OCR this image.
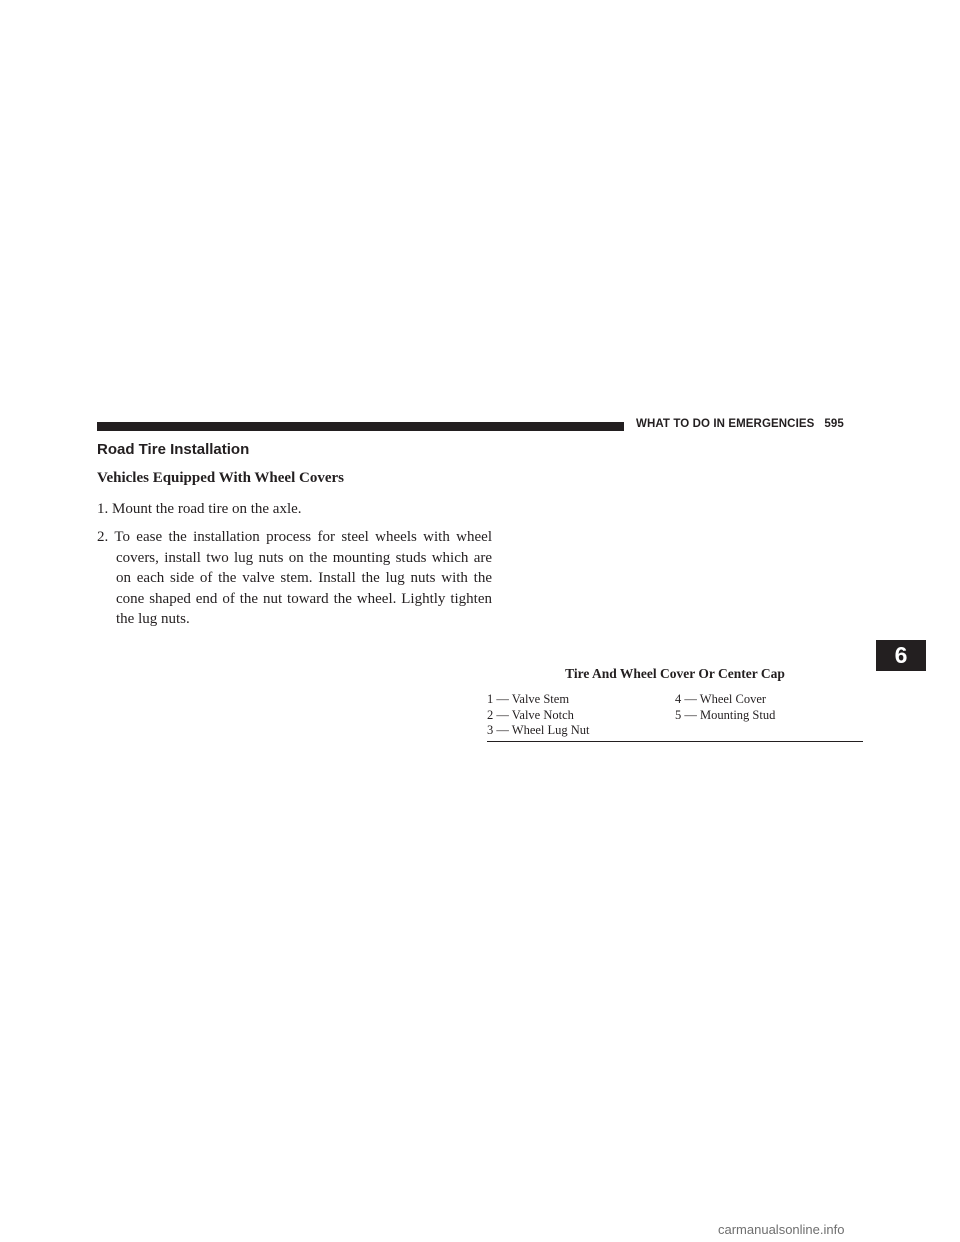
WHAT TO DO IN EMERGENCIES 595
Road Tire Installation
Vehicles Equipped With Wheel Covers

1. Mount the road tire on the axle.

2. To ease the installation process for steel wheels with wheel covers, install two lug nuts on the mounting studs which are on each side of the valve stem. Install the lug nuts with the cone shaped end of the nut toward the wheel. Lightly tighten the lug nuts.

Tire And Wheel Cover Or Center Cap
1 — Valve Stem	4 — Wheel Cover
2 — Valve Notch	5 — Mounting Stud
3 — Wheel Lug Nut
6
carmanualsonline.info
